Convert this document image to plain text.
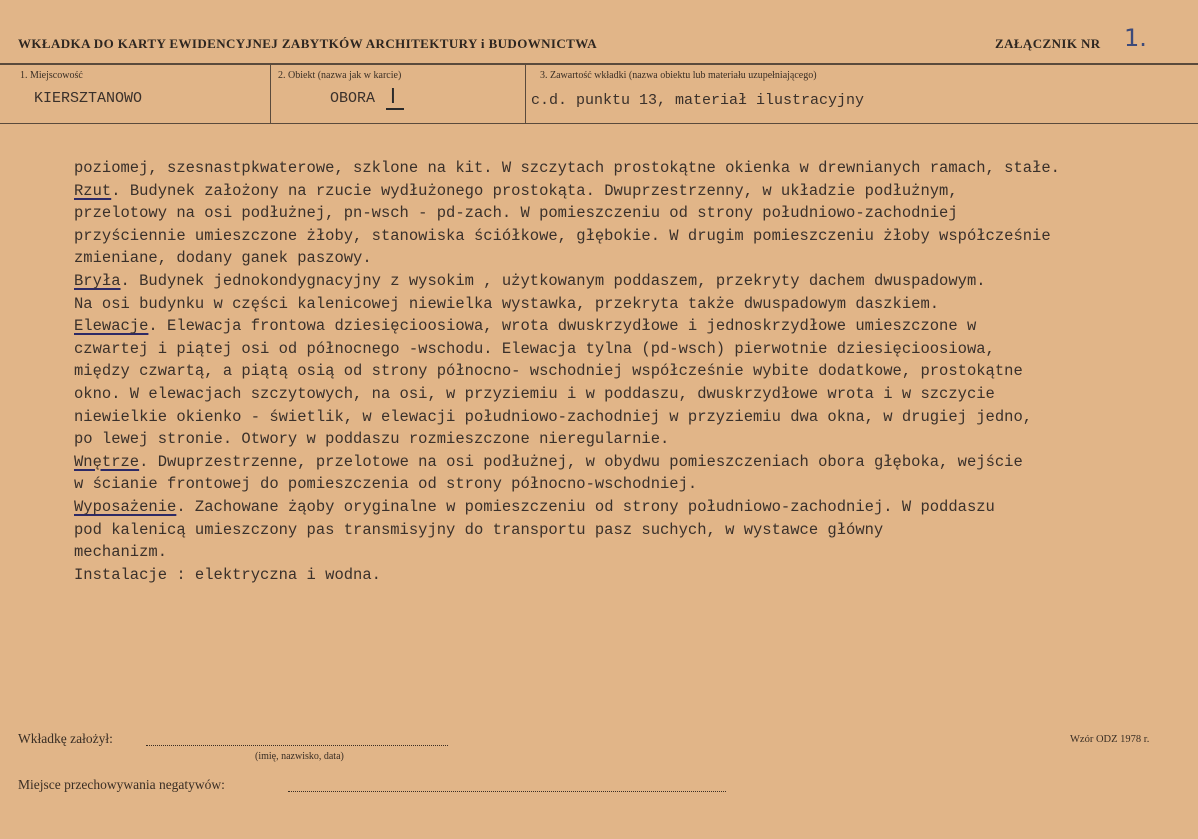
WKŁADKA DO KARTY EWIDENCYJNEJ ZABYTKÓW ARCHITEKTURY i BUDOWNICTWA	ZAŁĄCZNIK NR 1.
1. Miejscowość
KIERSZTANOWO
2. Obiekt (nazwa jak w karcie)
OBORA I
3. Zawartość wkładki (nazwa obiektu lub materiału uzupełniającego)
c.d. punktu 13, materiał ilustracyjny
poziomej, szesnastpkwaterowe, szklone na kit. W szczytach prostokątne okienka w drewnianych ramach, stałe.
Rzut. Budynek założony na rzucie wydłużonego prostokąta. Dwuprzestrzenny, w układzie podłużnym,
przelotowy na osi podłużnej, pn-wsch - pd-zach. W pomieszczeniu od strony południowo-zachodniej
przyściennie umieszczone żłoby, stanowiska ściółkowe, głębokie. W drugim pomieszczeniu żłoby współcześnie
zmieniane, dodany ganek paszowy.
Bryła. Budynek jednokondygnacyjny z wysokim , użytkowanym poddaszem, przekryty dachem dwuspadowym.
Na osi budynku w części kalenicowej niewielka wystawka, przekryta także dwuspadowym daszkiem.
Elewacje. Elewacja frontowa dziesięcioosiowa, wrota dwuskrzydłowe i jednoskrzydłowe umieszczone w
czwartej i piątej osi od północnego -wschodu. Elewacja tylna (pd-wsch) pierwotnie dziesięcioosiowa,
między czwartą, a piątą osią od strony północno- wschodniej współcześnie wybite dodatkowe, prostokątne
okno. W elewacjach szczytowych, na osi, w przyziemiu i w poddaszu, dwuskrzydłowe wrota i w szczycie
niewielkie okienko - świetlik, w elewacji południowo-zachodniej w przyziemiu dwa okna, w drugiej jedno,
po lewej stronie. Otwory w poddaszu rozmieszczone nieregularnie.
Wnętrze. Dwuprzestrzenne, przelotowe na osi podłużnej, w obydwu pomieszczeniach obora głęboka, wejście
w ścianie frontowej do pomieszczenia od strony północno-wschodniej.
Wyposażenie. Zachowane żąoby oryginalne w pomieszczeniu od strony południowo-zachodniej. W poddaszu
pod kalenicą umieszczony pas transmisyjny do transportu pasz suchych, w wystawce główny
mechanizm.
Instalacje : elektryczna i wodna.
Wkładkę założył:
(imię, nazwisko, data)
Miejsce przechowywania negatywów:
Wzór ODZ 1978 r.
